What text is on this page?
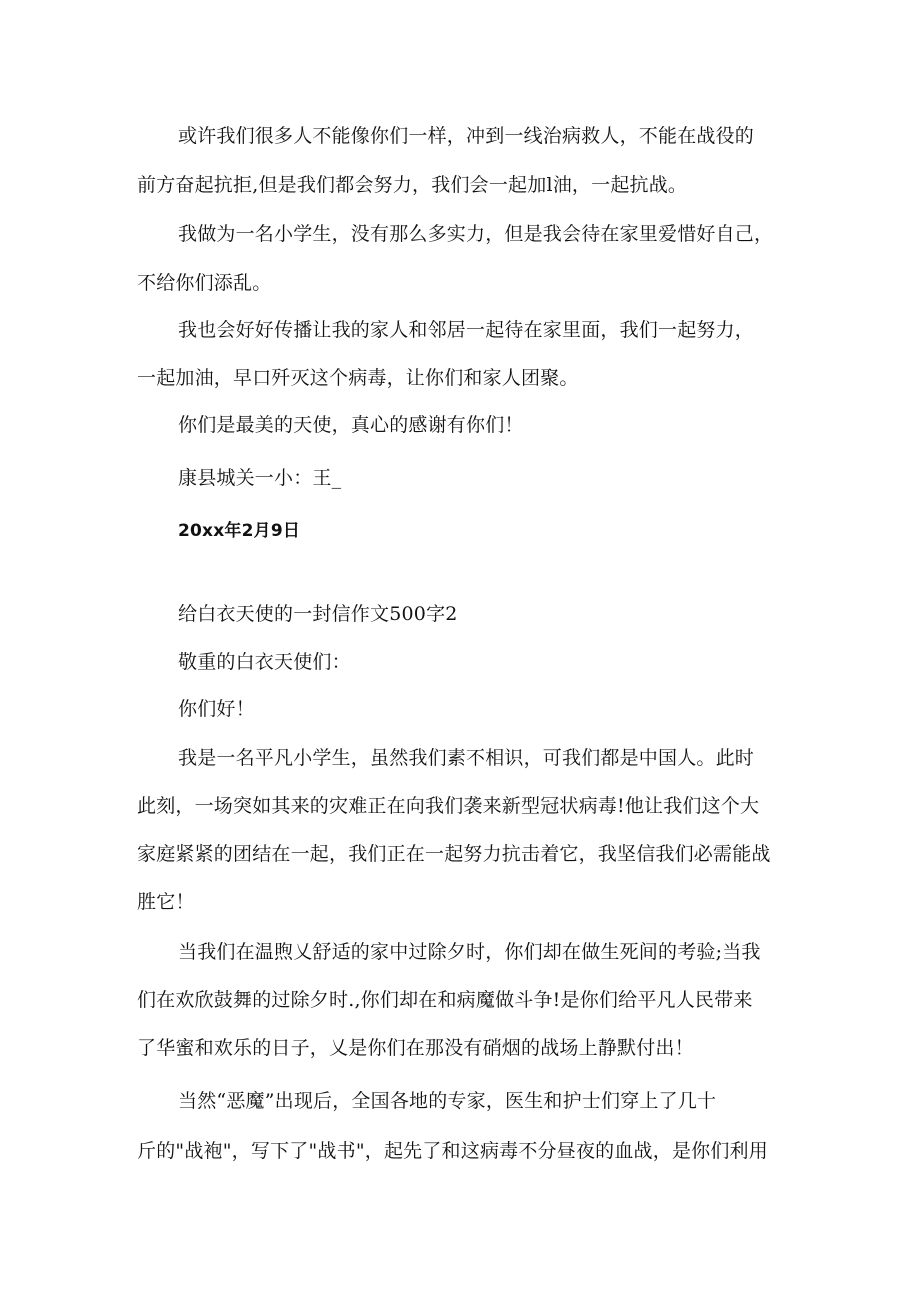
或许我们很多人不能像你们一样，冲到一线治病救人，不能在战役的
前方奋起抗拒,但是我们都会努力，我们会一起加l油，一起抗战。
我做为一名小学生，没有那么多实力，但是我会待在家里爱惜好自己，
不给你们添乱。
我也会好好传播让我的家人和邻居一起待在家里面，我们一起努力，
一起加油，早口歼灭这个病毒，让你们和家人团聚。
你们是最美的天使，真心的感谢有你们！
康县城关一小：王_
20xx年2月9日
给白衣天使的一封信作文500字2
敬重的白衣天使们：
你们好！
我是一名平凡小学生，虽然我们素不相识，可我们都是中国人。此时
此刻，一场突如其来的灾难正在向我们袭来新型冠状病毒!他让我们这个大
家庭紧紧的团结在一起，我们正在一起努力抗击着它，我坚信我们必需能战
胜它！
当我们在温煦乂舒适的家中过除夕时，你们却在做生死间的考验;当我
们在欢欣鼓舞的过除夕时.,你们却在和病魔做斗争!是你们给平凡人民带来
了华蜜和欢乐的日子，乂是你们在那没有硝烟的战场上静默付出！
当然“恶魔”出现后，全国各地的专家，医生和护士们穿上了几十
斤的"战袍"，写下了"战书"，起先了和这病毒不分昼夜的血战，是你们利用
